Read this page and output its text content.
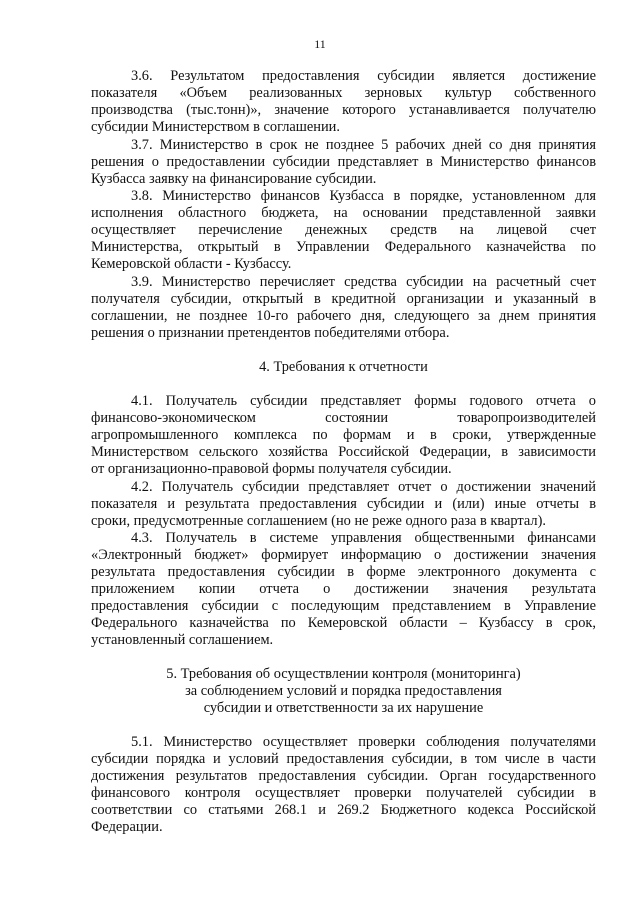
11
3.6. Результатом предоставления субсидии является достижение
показателя «Объем реализованных зерновых культур собственного
производства (тыс.тонн)», значение которого устанавливается получателю
субсидии Министерством в соглашении.
3.7. Министерство в срок не позднее 5 рабочих дней со дня принятия
решения о предоставлении субсидии представляет в Министерство финансов
Кузбасса заявку на финансирование субсидии.
3.8. Министерство финансов Кузбасса в порядке, установленном для
исполнения областного бюджета, на основании представленной заявки
осуществляет перечисление денежных средств на лицевой счет
Министерства, открытый в Управлении Федерального казначейства по
Кемеровской области - Кузбассу.
3.9. Министерство перечисляет средства субсидии на расчетный счет
получателя субсидии, открытый в кредитной организации и указанный в
соглашении, не позднее 10-го рабочего дня, следующего за днем принятия
решения о признании претендентов победителями отбора.
4. Требования к отчетности
4.1. Получатель субсидии представляет формы годового отчета о
финансово-экономическом состоянии товаропроизводителей
агропромышленного комплекса по формам и в сроки, утвержденные
Министерством сельского хозяйства Российской Федерации, в зависимости
от организационно-правовой формы получателя субсидии.
4.2. Получатель субсидии представляет отчет о достижении значений
показателя и результата предоставления субсидии и (или) иные отчеты в
сроки, предусмотренные соглашением (но не реже одного раза в квартал).
4.3. Получатель в системе управления общественными финансами
«Электронный бюджет» формирует информацию о достижении значения
результата предоставления субсидии в форме электронного документа с
приложением копии отчета о достижении значения результата
предоставления субсидии с последующим представлением в Управление
Федерального казначейства по Кемеровской области – Кузбассу в срок,
установленный соглашением.
5. Требования об осуществлении контроля (мониторинга)
за соблюдением условий и порядка предоставления
субсидии и ответственности за их нарушение
5.1. Министерство осуществляет проверки соблюдения получателями
субсидии порядка и условий предоставления субсидии, в том числе в части
достижения результатов предоставления субсидии. Орган государственного
финансового контроля осуществляет проверки получателей субсидии в
соответствии со статьями 268.1 и 269.2 Бюджетного кодекса Российской
Федерации.
